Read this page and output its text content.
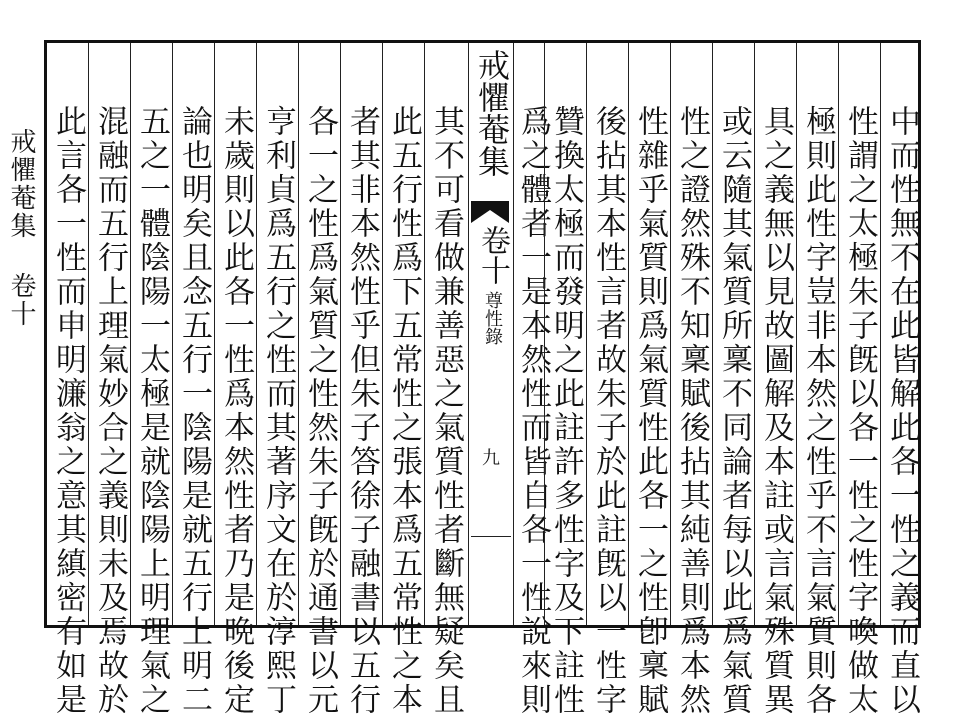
戒懼菴集 卷十	中而性無不在此皆解此各一性之義而直以
性謂之太極朱子旣以各一性之性字喚做太
極則此性字豈非本然之性乎不言氣質則各
具之義無以見故圖解及本註或言氣殊質異
或云隨其氣質所稟不同論者每以此爲氣質
性之證然殊不知稟賦後拈其純善則爲本然
性雜乎氣質則爲氣質性此各一之性卽稟賦
後拈其本性言者故朱子於此註旣以一性字
贊換太極而發明之此註許多性字及下註性
爲之體者一是本然性而皆自各一性說來則
戒懼菴集
卷十
尊性錄
九
其不可看做兼善惡之氣質性者斷無疑矣且
此五行性爲下五常性之張本爲五常性之本
者其非本然性乎但朱子答徐子融書以五行
各一之性爲氣質之性然朱子旣於通書以元
亨利貞爲五行之性而其著序文在於淳熙丁
未歲則以此各一性爲本然性者乃是晩後定
論也明矣且念五行一陰陽是就五行上明二
五之一體陰陽一太極是就陰陽上明理氣之
混融而五行上理氣妙合之義則未及焉故於
此言各一性而申明濂翁之意其縝密有如是
